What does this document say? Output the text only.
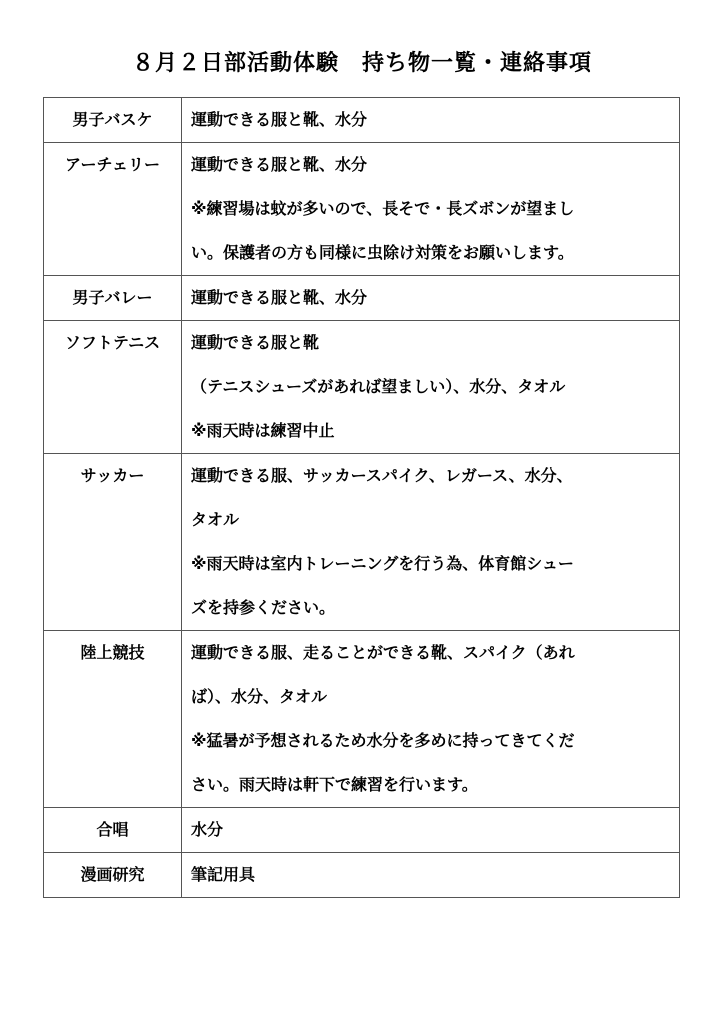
８月２日部活動体験　持ち物一覧・連絡事項
男子バスケ	運動できる服と靴、水分

アーチェリー	運動できる服と靴、水分
※練習場は蚊が多いので、長そで・長ズボンが望まし
い。保護者の方も同様に虫除け対策をお願いします。

男子バレー	運動できる服と靴、水分

ソフトテニス	運動できる服と靴
（テニスシューズがあれば望ましい）、水分、タオル
※雨天時は練習中止

サッカー	運動できる服、サッカースパイク、レガース、水分、
タオル
※雨天時は室内トレーニングを行う為、体育館シュー
ズを持参ください。

陸上競技	運動できる服、走ることができる靴、スパイク（あれ
ば）、水分、タオル
※猛暑が予想されるため水分を多めに持ってきてくだ
さい。雨天時は軒下で練習を行います。

合唱	水分

漫画研究	筆記用具
